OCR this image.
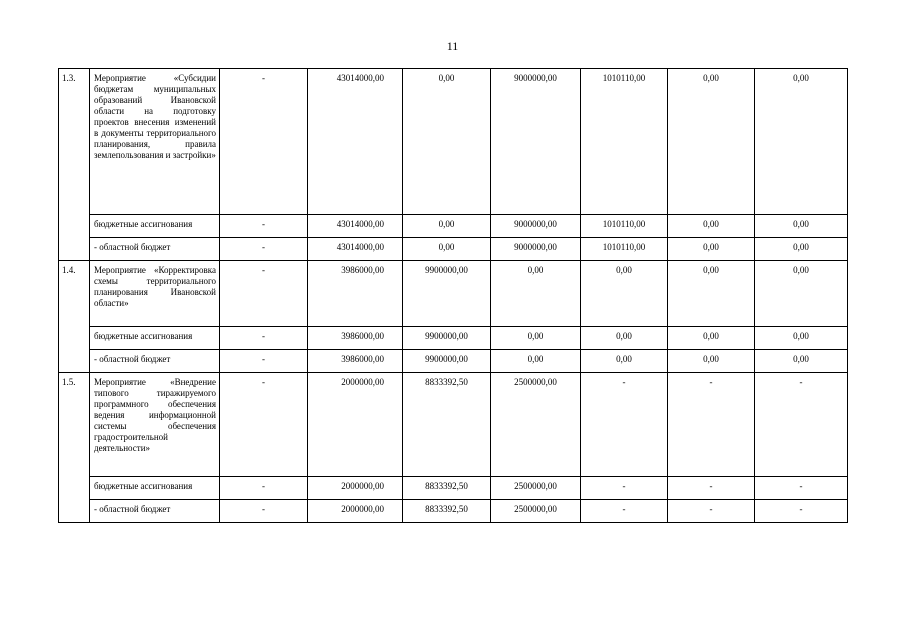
11
1.3.	Мероприятие «Субсидии бюджетам муниципальных образований Ивановской области на подготовку проектов внесения изменений в документы территориального планирования, правила землепользования и застройки»	-	43014000,00	0,00	9000000,00	1010110,00	0,00	0,00
	бюджетные ассигнования	-	43014000,00	0,00	9000000,00	1010110,00	0,00	0,00
	- областной бюджет	-	43014000,00	0,00	9000000,00	1010110,00	0,00	0,00
1.4.	Мероприятие «Корректировка схемы территориального планирования Ивановской области»	-	3986000,00	9900000,00	0,00	0,00	0,00	0,00
	бюджетные ассигнования	-	3986000,00	9900000,00	0,00	0,00	0,00	0,00
	- областной бюджет	-	3986000,00	9900000,00	0,00	0,00	0,00	0,00
1.5.	Мероприятие «Внедрение типового тиражируемого программного обеспечения ведения информационной системы обеспечения градостроительной деятельности»	-	2000000,00	8833392,50	2500000,00	-	-	-
	бюджетные ассигнования	-	2000000,00	8833392,50	2500000,00	-	-	-
	- областной бюджет	-	2000000,00	8833392,50	2500000,00	-	-	-
